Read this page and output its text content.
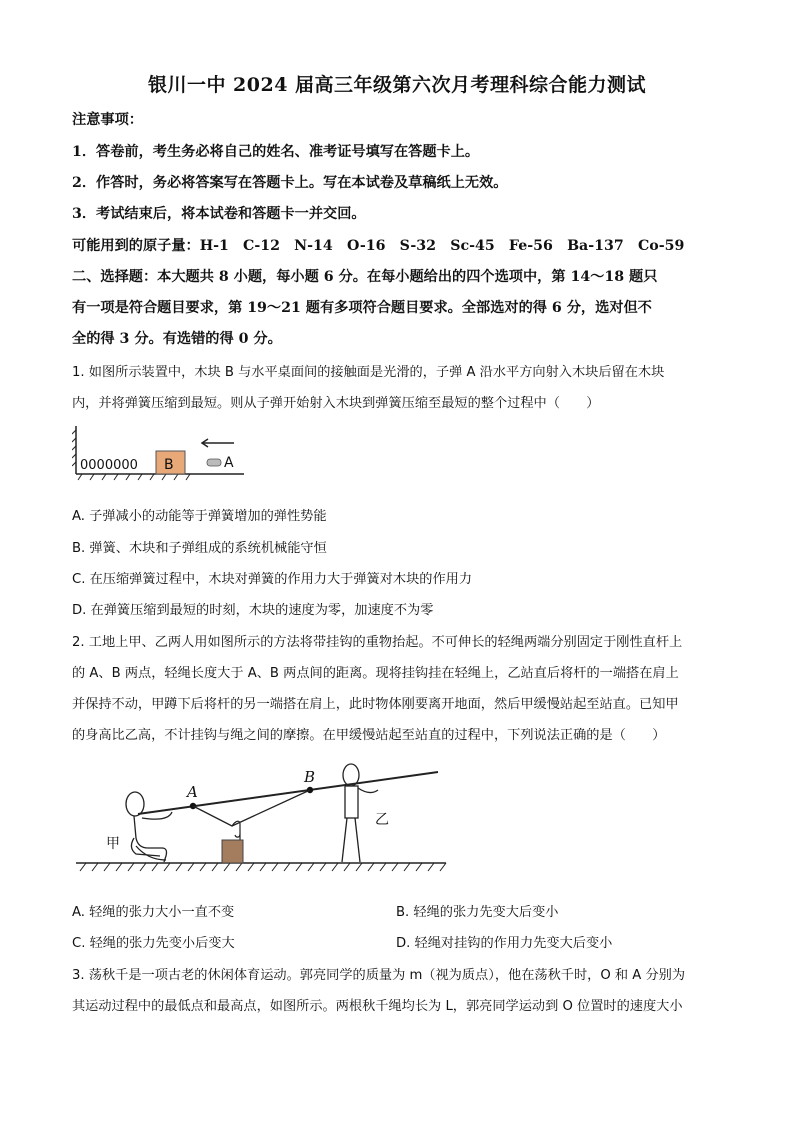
银川一中 2024 届高三年级第六次月考理科综合能力测试
注意事项：
1．答卷前，考生务必将自己的姓名、准考证号填写在答题卡上。
2．作答时，务必将答案写在答题卡上。写在本试卷及草稿纸上无效。
3．考试结束后，将本试卷和答题卡一并交回。
可能用到的原子量：H-1　C-12　N-14　O-16　S-32　Sc-45　Fe-56　Ba-137　Co-59
二、选择题：本大题共 8 小题，每小题 6 分。在每小题给出的四个选项中，第 14～18 题只
有一项是符合题目要求，第 19～21 题有多项符合题目要求。全部选对的得 6 分，选对但不
全的得 3 分。有选错的得 0 分。
1. 如图所示装置中，木块 B 与水平桌面间的接触面是光滑的，子弹 A 沿水平方向射入木块后留在木块
内，并将弹簧压缩到最短。则从子弹开始射入木块到弹簧压缩至最短的整个过程中（　　）
0000000 B	A
A. 子弹减小的动能等于弹簧增加的弹性势能
B. 弹簧、木块和子弹组成的系统机械能守恒
C. 在压缩弹簧过程中，木块对弹簧的作用力大于弹簧对木块的作用力
D. 在弹簧压缩到最短的时刻，木块的速度为零，加速度不为零
2. 工地上甲、乙两人用如图所示的方法将带挂钩的重物抬起。不可伸长的轻绳两端分别固定于刚性直杆上
的 A、B 两点，轻绳长度大于 A、B 两点间的距离。现将挂钩挂在轻绳上，乙站直后将杆的一端搭在肩上
并保持不动，甲蹲下后将杆的另一端搭在肩上，此时物体刚要离开地面，然后甲缓慢站起至站直。已知甲
的身高比乙高，不计挂钩与绳之间的摩擦。在甲缓慢站起至站直的过程中，下列说法正确的是（　　）
A
B
甲
乙
A. 轻绳的张力大小一直不变	B. 轻绳的张力先变大后变小
C. 轻绳的张力先变小后变大	D. 轻绳对挂钩的作用力先变大后变小
3. 荡秋千是一项古老的休闲体育运动。郭亮同学的质量为 m（视为质点），他在荡秋千时，O 和 A 分别为
其运动过程中的最低点和最高点，如图所示。两根秋千绳均长为 L，郭亮同学运动到 O 位置时的速度大小
